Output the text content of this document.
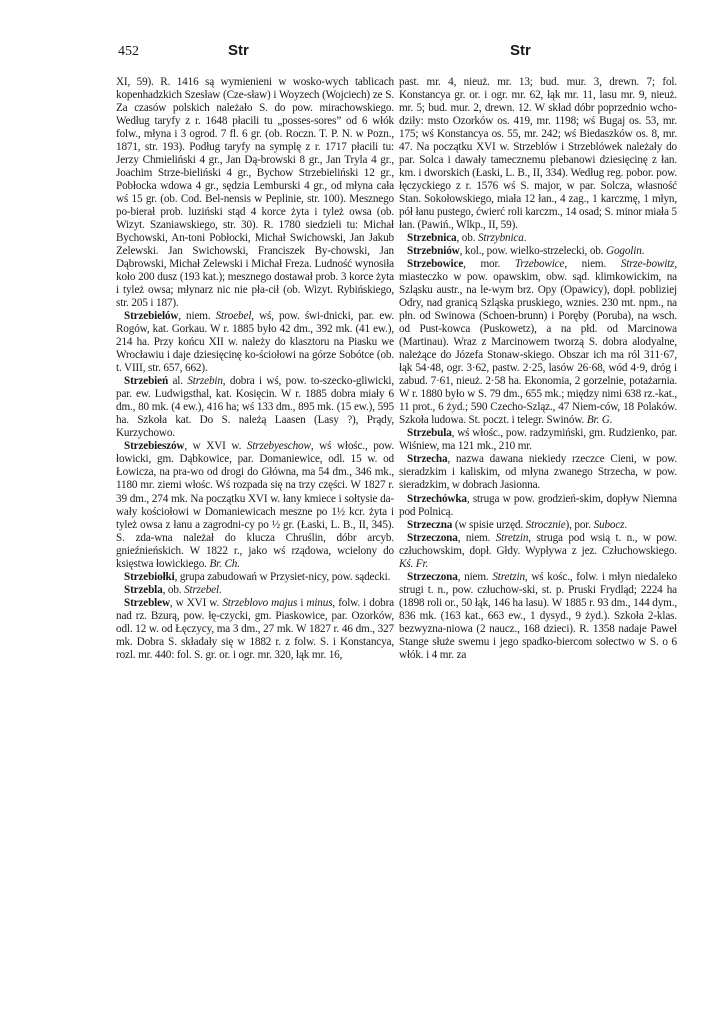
452	Str	Str

XI, 59). R. 1416 są wymienieni w wosko-wych tablicach kopenhadzkich Szesław (Cze-sław) i Woyzech (Wojciech) ze S. Za czasów polskich należało S. do pow. mirachowskiego. Według taryfy z r. 1648 płacili tu „posses-sores” od 6 włók folw., młyna i 3 ogrod. 7 fl. 6 gr. (ob. Roczn. T. P. N. w Pozn., 1871, str. 193). Podług taryfy na symplę z r. 1717 płacili tu: Jerzy Chmieliński 4 gr., Jan Dą-browski 8 gr., Jan Tryla 4 gr., Joachim Strze-bieliński 4 gr., Bychow Strzebieliński 12 gr., Pobłocka wdowa 4 gr., sędzia Lemburski 4 gr., od młyna cała wś 15 gr. (ob. Cod. Bel-nensis w Peplinie, str. 100). Mesznego po-bierał prob. luziński stąd 4 korce żyta i tyleż owsa (ob. Wizyt. Szaniawskiego, str. 30). R. 1780 siedzieli tu: Michał Bychowski, An-toni Pobłocki, Michał Swichowski, Jan Jakub Zelewski. Jan Swichowski, Franciszek By-chowski, Jan Dąbrowski, Michał Zelewski i Michał Freza. Ludność wynosiła koło 200 dusz (193 kat.); mesznego dostawał prob. 3 korce żyta i tyleż owsa; młynarz nic nie pła-cił (ob. Wizyt. Rybińskiego, str. 205 i 187).

Strzebielów, niem. Stroebel, wś, pow. świ-dnicki, par. ew. Rogów, kat. Gorkau. W r. 1885 było 42 dm., 392 mk. (41 ew.), 214 ha. Przy końcu XII w. należy do klasztoru na Piasku we Wrocławiu i daje dziesięcinę ko-ściołowi na górze Sobótce (ob. t. VIII, str. 657, 662).

Strzebień al. Strzebin, dobra i wś, pow. to-szecko-gliwicki, par. ew. Ludwigsthal, kat. Kosięcin. W r. 1885 dobra miały 6 dm., 80 mk. (4 ew.), 416 ha; wś 133 dm., 895 mk. (15 ew.), 595 ha. Szkoła kat. Do S. należą Laasen (Lasy ?), Prądy, Kurzychowo.

Strzebieszów, w XVI w. Strzebyeschow, wś włośc., pow. łowicki, gm. Dąbkowice, par. Domaniewice, odl. 15 w. od Łowicza, na pra-wo od drogi do Główna, ma 54 dm., 346 mk., 1180 mr. ziemi włośc. Wś rozpada się na trzy części. W 1827 r. 39 dm., 274 mk. Na początku XVI w. łany kmiece i sołtysie da-wały kościołowi w Domaniewicach meszne po 1½ kcr. żyta i tyleż owsa z łanu a zagrodni-cy po ½ gr. (Łaski, L. B., II, 345). S. zda-wna należał do klucza Chruślin, dóbr arcyb. gnieźnieńskich. W 1822 r., jako wś rządowa, wcielony do księstwa łowickiego. Br. Ch.

Strzebiołki, grupa zabudowań w Przysiet-nicy, pow. sądecki.

Strzebla, ob. Strzebel.

Strzeblew, w XVI w. Strzeblovo majus i minus, folw. i dobra nad rz. Bzurą, pow. łę-czycki, gm. Piaskowice, par. Ozorków, odl. 12 w. od Łęczycy, ma 3 dm., 27 mk. W 1827 r. 46 dm., 327 mk. Dobra S. składały się w 1882 r. z folw. S. i Konstancya, rozl. mr. 440: fol. S. gr. or. i ogr. mr. 320, łąk mr. 16,

past. mr. 4, nieuż. mr. 13; bud. mur. 3, drewn. 7; fol. Konstancya gr. or. i ogr. mr. 62, łąk mr. 11, lasu mr. 9, nieuż. mr. 5; bud. mur. 2, drewn. 12. W skład dóbr poprzednio wcho-dziły: msto Ozorków os. 419, mr. 1198; wś Bugaj os. 53, mr. 175; wś Konstancya os. 55, mr. 242; wś Biedaszków os. 8, mr. 47. Na początku XVI w. Strzeblów i Strzeblówek należały do par. Solca i dawały tamecznemu plebanowi dziesięcinę z łan. km. i dworskich (Łaski, L. B., II, 334). Według reg. pobor. pow. łęczyckiego z r. 1576 wś S. major, w par. Solcza, własność Stan. Sokołowskiego, miała 12 łan., 4 zag., 1 karczmę, 1 młyn, pół łanu pustego, ćwierć roli karczm., 14 osad; S. minor miała 5 łan. (Pawiń., Wlkp., II, 59).

Strzebnica, ob. Strzybnica.

Strzebniów, kol., pow. wielko-strzelecki, ob. Gogolin.

Strzebowice, mor. Trzebowice, niem. Strze-bowitz, miasteczko w pow. opawskim, obw. sąd. klimkowickim, na Szląsku austr., na le-wym brz. Opy (Opawicy), dopł. pobliziej Odry, nad granicą Szląska pruskiego, wznies. 230 mt. npm., na płn. od Swinowa (Schoen-brunn) i Poręby (Poruba), na wsch. od Pust-kowca (Puskowetz), a na płd. od Marcinowa (Martinau). Wraz z Marcinowem tworzą S. dobra alodyalne, należące do Józefa Stonaw-skiego. Obszar ich ma ról 311·67, łąk 54·48, ogr. 3·62, pastw. 2·25, lasów 26·68, wód 4·9, dróg i zabud. 7·61, nieuż. 2·58 ha. Ekonomia, 2 gorzelnie, potażarnia. W r. 1880 było w S. 79 dm., 655 mk.; między nimi 638 rz.-kat., 11 prot., 6 żyd.; 590 Czecho-Szląz., 47 Niem-ców, 18 Polaków. Szkoła ludowa. St. poczt. i telegr. Swinów. Br. G.

Strzebula, wś włośc., pow. radzymiński, gm. Rudzienko, par. Wiśniew, ma 121 mk., 210 mr.

Strzecha, nazwa dawana niekiedy rzeczce Cieni, w pow. sieradzkim i kaliskim, od młyna zwanego Strzecha, w pow. sieradzkim, w dobrach Jasionna.

Strzechówka, struga w pow. grodzień-skim, dopływ Niemna pod Polnicą.

Strzeczna (w spisie urzęd. Strocznie), por. Subocz.

Strzeczona, niem. Stretzin, struga pod wsią t. n., w pow. człuchowskim, dopł. Głdy. Wypływa z jez. Człuchowskiego. Kś. Fr.

Strzeczona, niem. Stretzin, wś kośc., folw. i młyn niedaleko strugi t. n., pow. człuchow-ski, st. p. Pruski Frydląd; 2224 ha (1898 roli or., 50 łąk, 146 ha lasu). W 1885 r. 93 dm., 144 dym., 836 mk. (163 kat., 663 ew., 1 dysyd., 9 żyd.). Szkoła 2-klas. bezwyzna-niowa (2 naucz., 168 dzieci). R. 1358 nadaje Paweł Stange służe swemu i jego spadko-biercom sołectwo w S. o 6 włók. i 4 mr. za
